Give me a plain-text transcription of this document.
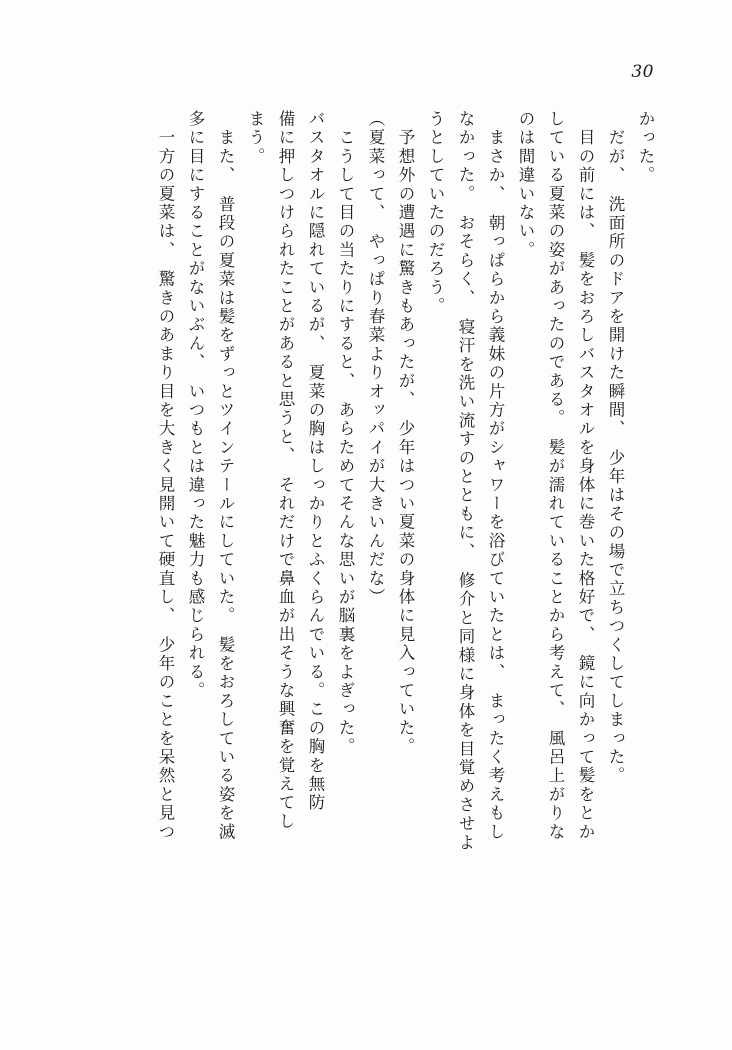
30
かった。
　だが、　洗面所のドアを開けた瞬間、　少年はその場で立ちつくしてしまった。
　目の前には、　髪をおろしバスタオルを身体に巻いた格好で、　鏡に向かって髪をとか
している夏菜の姿があったのである。　髪が濡れていることから考えて、　風呂上がりな
のは間違いない。
　まさか、　朝っぱらから義妹の片方がシャワーを浴びていたとは、　まったく考えもし
なかった。　おそらく、　寝汗を洗い流すのとともに、　修介と同様に身体を目覚めさせよ
うとしていたのだろう。
　予想外の遭遇に驚きもあったが、　少年はつい夏菜の身体に見入っていた。
（夏菜って、　やっぱり春菜よりオッパイが大きいんだな）
　こうして目の当たりにすると、　あらためてそんな思いが脳裏をよぎった。
バスタオルに隠れているが、　夏菜の胸はしっかりとふくらんでいる。この胸を無防
備に押しつけられたことがあると思うと、　それだけで鼻血が出そうな興奮を覚えてし
まう。
　また、　普段の夏菜は髪をずっとツインテールにしていた。　髪をおろしている姿を滅
多に目にすることがないぶん、　いつもとは違った魅力も感じられる。
　一方の夏菜は、　驚きのあまり目を大きく見開いて硬直し、　少年のことを呆然と見つ
